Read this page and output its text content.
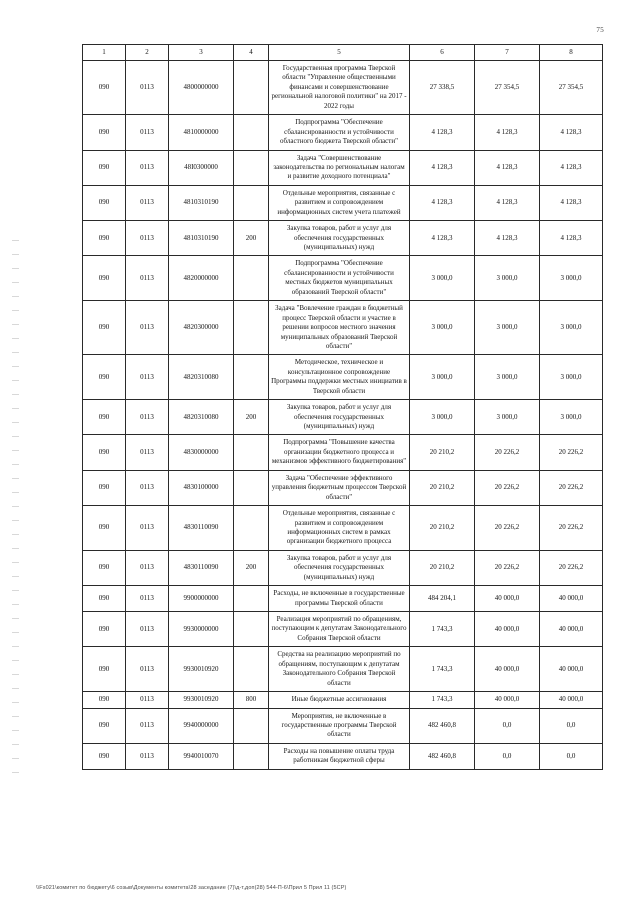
75
1	2	3	4	5	6	7	8
090	0113	4800000000		Государственная программа Тверской области "Управление общественными финансами и совершенствование региональной налоговой политики" на 2017 - 2022 годы	27 338,5	27 354,5	27 354,5
090	0113	4810000000		Подпрограмма "Обеспечение сбалансированности и устойчивости областного бюджета Тверской области"	4 128,3	4 128,3	4 128,3
090	0113	48I0300000		Задача "Совершенствование законодательства по региональным налогам и развитие доходного потенциала"	4 128,3	4 128,3	4 128,3
090	0113	4810310190		Отдельные мероприятия, связанные с развитием и сопровождением информационных систем учета платежей	4 128,3	4 128,3	4 128,3
090	0113	4810310190	200	Закупка товаров, работ и услуг для обеспечения государственных (муниципальных) нужд	4 128,3	4 128,3	4 128,3
090	0113	4820000000		Подпрограмма "Обеспечение сбалансированности и устойчивости местных бюджетов муниципальных образований Тверской области"	3 000,0	3 000,0	3 000,0
090	0113	4820300000		Задача "Вовлечение граждан в бюджетный процесс Тверской области и участие в решении вопросов местного значения муниципальных образований Тверской области"	3 000,0	3 000,0	3 000,0
090	0113	4820310080		Методическое, техническое и консультационное сопровождение Программы поддержки местных инициатив в Тверской области	3 000,0	3 000,0	3 000,0
090	0113	4820310080	200	Закупка товаров, работ и услуг для обеспечения государственных (муниципальных) нужд	3 000,0	3 000,0	3 000,0
090	0113	4830000000		Подпрограмма "Повышение качества организации бюджетного процесса и механизмов эффективного бюджетирования"	20 210,2	20 226,2	20 226,2
090	0113	4830100000		Задача "Обеспечение эффективного управления бюджетным процессом Тверской области"	20 210,2	20 226,2	20 226,2
090	0113	4830110090		Отдельные мероприятия, связанные с развитием и сопровождением информационных систем в рамках организации бюджетного процесса	20 210,2	20 226,2	20 226,2
090	0113	4830110090	200	Закупка товаров, работ и услуг для обеспечения государственных (муниципальных) нужд	20 210,2	20 226,2	20 226,2
090	0113	9900000000		Расходы, не включенные в государственные программы Тверской области	484 204,1	40 000,0	40 000,0
090	0113	9930000000		Реализация мероприятий по обращениям, поступающим к депутатам Законодательного Собрания Тверской области	1 743,3	40 000,0	40 000,0
090	0113	9930010920		Средства на реализацию мероприятий по обращениям, поступающим к депутатам Законодательного Собрания Тверской области	1 743,3	40 000,0	40 000,0
090	0113	9930010920	800	Иные бюджетные ассигнования	1 743,3	40 000,0	40 000,0
090	0113	9940000000		Мероприятия, не включенные в государственные программы Тверской области	482 460,8	0,0	0,0
090	0113	9940010070		Расходы на повышение оплаты труда работникам бюджетной сферы	482 460,8	0,0	0,0
\\Fs021\комитет по бюджету\6 созыв\Документы комитета\28 заседание (7)\д-т,доп(28) 544-П-6\Прил 5 Прил 11 (5СР)
